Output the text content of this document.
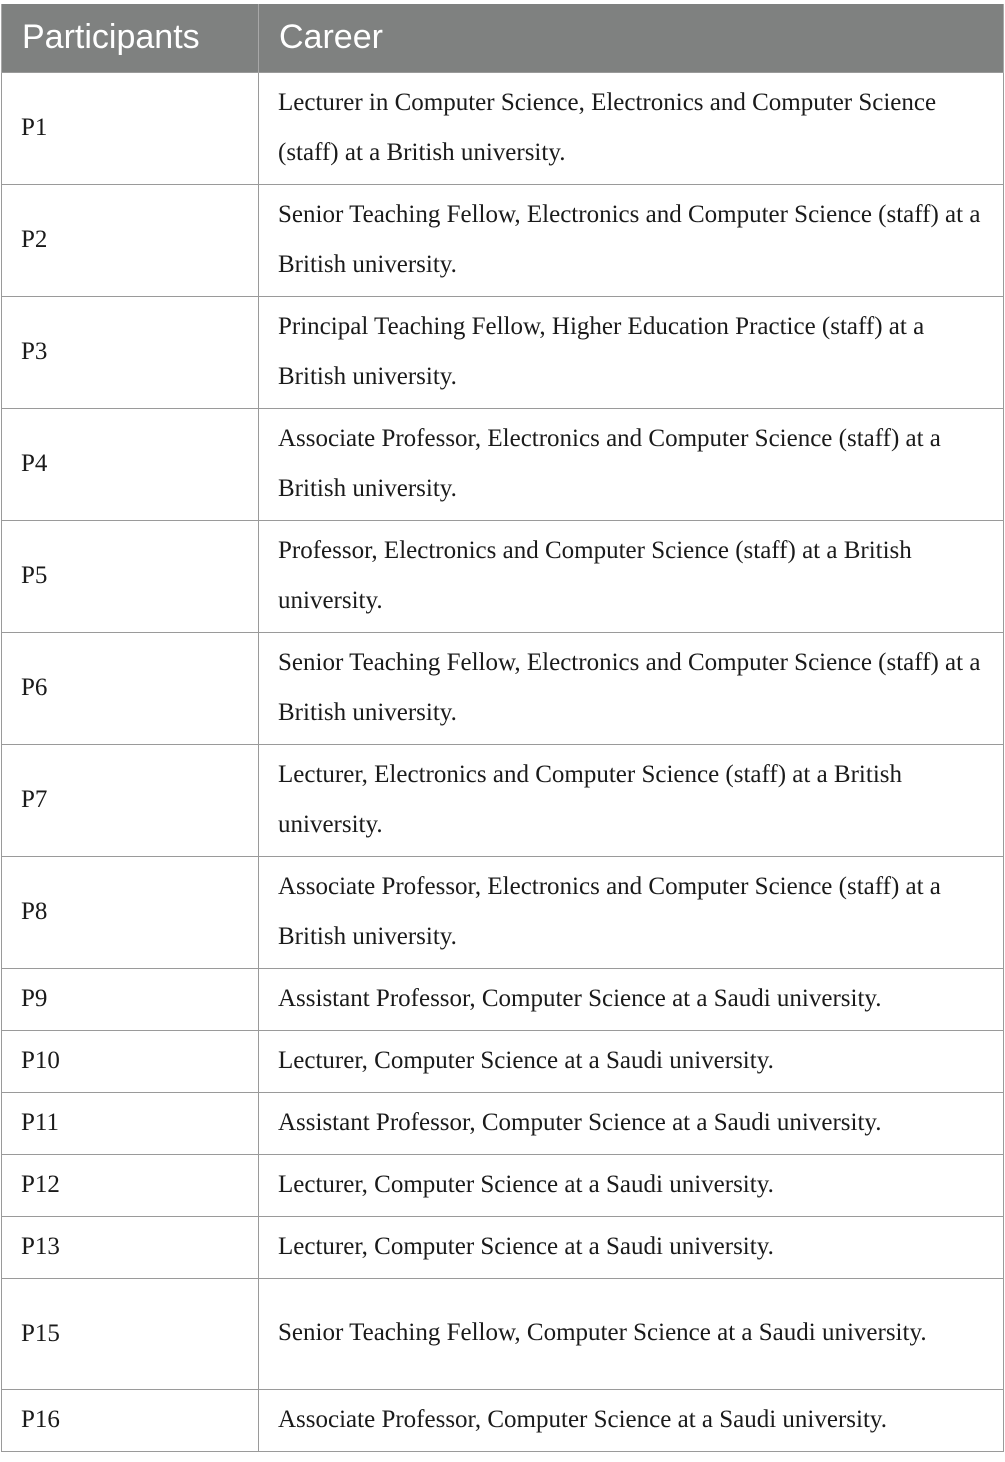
Participants	Career
P1	Lecturer in Computer Science, Electronics and Computer Science (staff) at a British university.
P2	Senior Teaching Fellow, Electronics and Computer Science (staff) at a British university.
P3	Principal Teaching Fellow, Higher Education Practice (staff) at a British university.
P4	Associate Professor, Electronics and Computer Science (staff) at a British university.
P5	Professor, Electronics and Computer Science (staff) at a British university.
P6	Senior Teaching Fellow, Electronics and Computer Science (staff) at a British university.
P7	Lecturer, Electronics and Computer Science (staff) at a British university.
P8	Associate Professor, Electronics and Computer Science (staff) at a British university.
P9	Assistant Professor, Computer Science at a Saudi university.
P10	Lecturer, Computer Science at a Saudi university.
P11	Assistant Professor, Computer Science at a Saudi university.
P12	Lecturer, Computer Science at a Saudi university.
P13	Lecturer, Computer Science at a Saudi university.
P15	Senior Teaching Fellow, Computer Science at a Saudi university.
P16	Associate Professor, Computer Science at a Saudi university.
